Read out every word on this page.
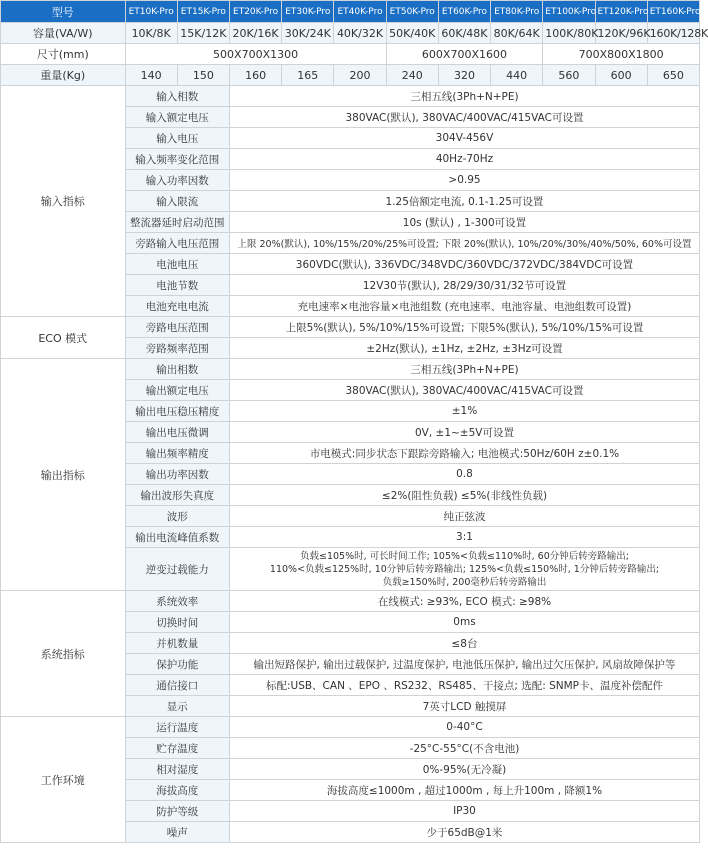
型号	ET10K-Pro	ET15K-Pro	ET20K-Pro	ET30K-Pro	ET40K-Pro	ET50K-Pro	ET60K-Pro	ET80K-Pro	ET100K-Pro	ET120K-Pro	ET160K-Pro
容量(VA/W)	10K/8K	15K/12K	20K/16K	30K/24K	40K/32K	50K/40K	60K/48K	80K/64K	100K/80K	120K/96K	160K/128K
尺寸(mm)	500X700X1300					600X700X1600			700X800X1800		
重量(Kg)	140	150	160	165	200	240	320	440	560	600	650
输入指标	输入相数		三相五线(3Ph+N+PE)								
	输入额定电压		380VAC(默认), 380VAC/400VAC/415VAC可设置								
	输入电压		304V-456V								
	输入频率变化范围		40Hz-70Hz								
	输入功率因数		>0.95								
	输入限流		1.25倍额定电流, 0.1-1.25可设置								
	整流器延时启动范围		10s (默认) , 1-300可设置								
	旁路输入电压范围		上限 20%(默认), 10%/15%/20%/25%可设置; 下限 20%(默认), 10%/20%/30%/40%/50%, 60%可设置								
	电池电压		360VDC(默认), 336VDC/348VDC/360VDC/372VDC/384VDC可设置								
	电池节数		12V30节(默认), 28/29/30/31/32节可设置								
	电池充电电流		充电速率×电池容量×电池组数 (充电速率、电池容量、电池组数可设置)								
ECO 模式	旁路电压范围		上限5%(默认), 5%/10%/15%可设置; 下限5%(默认), 5%/10%/15%可设置								
	旁路频率范围		±2Hz(默认), ±1Hz, ±2Hz, ±3Hz可设置								
输出指标	输出相数		三相五线(3Ph+N+PE)								
	输出额定电压		380VAC(默认), 380VAC/400VAC/415VAC可设置								
	输出电压稳压精度		±1%								
	输出电压微调		0V, ±1~±5V可设置								
	输出频率精度		市电模式:同步状态下跟踪旁路输入; 电池模式:50Hz/60H z±0.1%								
	输出功率因数		0.8								
	输出波形失真度		≤2%(阻性负载) ≤5%(非线性负载)								
	波形		纯正弦波								
	输出电流峰值系数		3:1								
	逆变过载能力		负载≤105%时, 可长时间工作; 105%<负载≤110%时, 60分钟后转旁路输出;
110%<负载≤125%时, 10分钟后转旁路输出; 125%<负载≤150%时, 1分钟后转旁路输出;
负载≥150%时, 200毫秒后转旁路输出								

系统指标	系统效率		在线模式: ≥93%, ECO 模式: ≥98%								
	切换时间		0ms								
	并机数量		≤8台								
	保护功能		输出短路保护, 输出过载保护, 过温度保护, 电池低压保护, 输出过欠压保护, 风扇故障保护等								
	通信接口		标配:USB、CAN 、EPO 、RS232、RS485、干接点; 选配: SNMP卡、温度补偿配件								
	显示		7英寸LCD 触摸屏								
工作环境	运行温度		0-40°C								
	贮存温度		-25°C-55°C(不含电池)								
	相对湿度		0%-95%(无冷凝)								
	海拔高度		海拔高度≤1000m , 超过1000m , 每上升100m , 降额1%								
	防护等级		IP30								
	噪声		少于65dB@1米								
